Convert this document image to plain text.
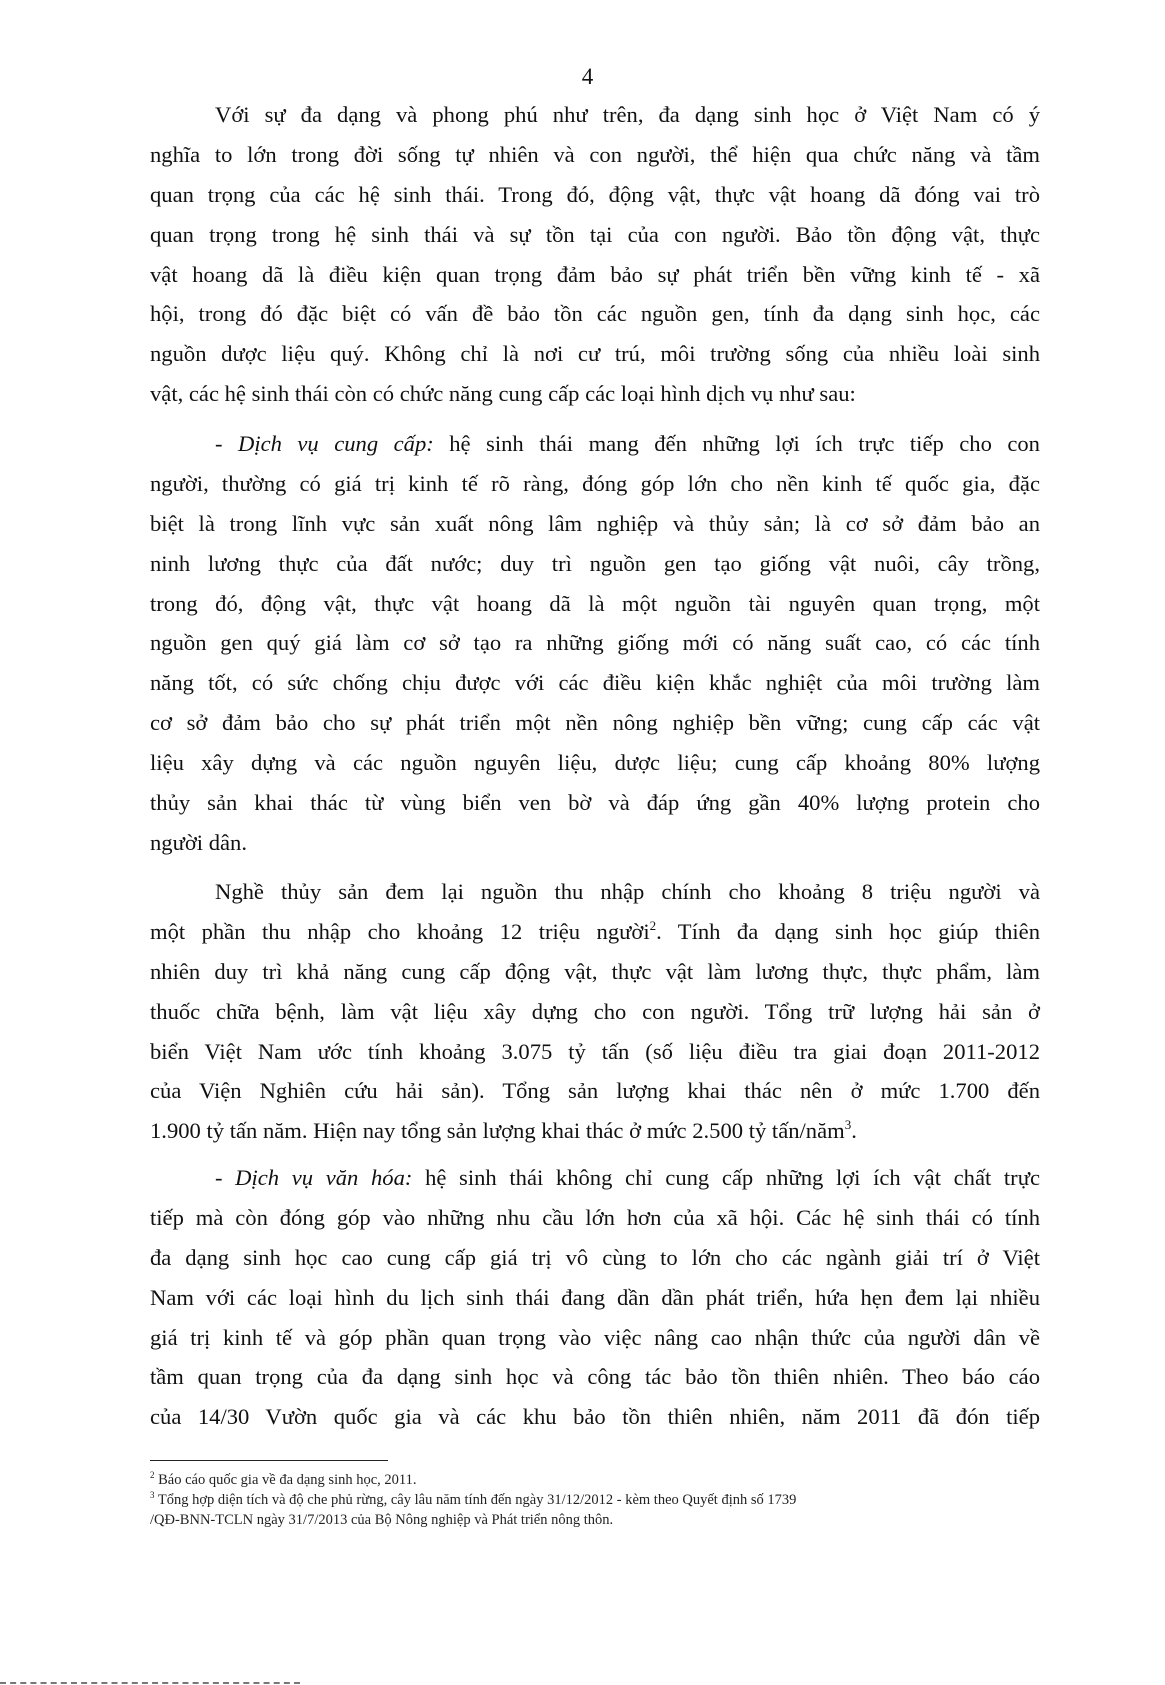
4
Với sự đa dạng và phong phú như trên, đa dạng sinh học ở Việt Nam có ý
nghĩa to lớn trong đời sống tự nhiên và con người, thể hiện qua chức năng và tầm
quan trọng của các hệ sinh thái. Trong đó, động vật, thực vật hoang dã đóng vai trò
quan trọng trong hệ sinh thái và sự tồn tại của con người. Bảo tồn động vật, thực
vật hoang dã là điều kiện quan trọng đảm bảo sự phát triển bền vững kinh tế - xã
hội, trong đó đặc biệt có vấn đề bảo tồn các nguồn gen, tính đa dạng sinh học, các
nguồn dược liệu quý. Không chỉ là nơi cư trú, môi trường sống của nhiều loài sinh
vật, các hệ sinh thái còn có chức năng cung cấp các loại hình dịch vụ như sau:
- Dịch vụ cung cấp: hệ sinh thái mang đến những lợi ích trực tiếp cho con
người, thường có giá trị kinh tế rõ ràng, đóng góp lớn cho nền kinh tế quốc gia, đặc
biệt là trong lĩnh vực sản xuất nông lâm nghiệp và thủy sản; là cơ sở đảm bảo an
ninh lương thực của đất nước; duy trì nguồn gen tạo giống vật nuôi, cây trồng,
trong đó, động vật, thực vật hoang dã là một nguồn tài nguyên quan trọng, một
nguồn gen quý giá làm cơ sở tạo ra những giống mới có năng suất cao, có các tính
năng tốt, có sức chống chịu được với các điều kiện khắc nghiệt của môi trường làm
cơ sở đảm bảo cho sự phát triển một nền nông nghiệp bền vững; cung cấp các vật
liệu xây dựng và các nguồn nguyên liệu, dược liệu; cung cấp khoảng 80% lượng
thủy sản khai thác từ vùng biển ven bờ và đáp ứng gần 40% lượng protein cho
người dân.
Nghề thủy sản đem lại nguồn thu nhập chính cho khoảng 8 triệu người và
một phần thu nhập cho khoảng 12 triệu người$^2$. Tính đa dạng sinh học giúp thiên
nhiên duy trì khả năng cung cấp động vật, thực vật làm lương thực, thực phẩm, làm
thuốc chữa bệnh, làm vật liệu xây dựng cho con người. Tổng trữ lượng hải sản ở
biển Việt Nam ước tính khoảng 3.075 tỷ tấn (số liệu điều tra giai đoạn 2011-2012
của Viện Nghiên cứu hải sản). Tổng sản lượng khai thác nên ở mức 1.700 đến
1.900 tỷ tấn năm. Hiện nay tổng sản lượng khai thác ở mức 2.500 tỷ tấn/năm$^3$.
- Dịch vụ văn hóa: hệ sinh thái không chỉ cung cấp những lợi ích vật chất trực
tiếp mà còn đóng góp vào những nhu cầu lớn hơn của xã hội. Các hệ sinh thái có tính
đa dạng sinh học cao cung cấp giá trị vô cùng to lớn cho các ngành giải trí ở Việt
Nam với các loại hình du lịch sinh thái đang dần dần phát triển, hứa hẹn đem lại nhiều
giá trị kinh tế và góp phần quan trọng vào việc nâng cao nhận thức của người dân về
tầm quan trọng của đa dạng sinh học và công tác bảo tồn thiên nhiên. Theo báo cáo
của 14/30 Vườn quốc gia và các khu bảo tồn thiên nhiên, năm 2011 đã đón tiếp
$^2$ Báo cáo quốc gia về đa dạng sinh học, 2011.
$^3$ Tổng hợp diện tích và độ che phủ rừng, cây lâu năm tính đến ngày 31/12/2012 - kèm theo Quyết định số 1739
/QĐ-BNN-TCLN ngày 31/7/2013 của Bộ Nông nghiệp và Phát triển nông thôn.
